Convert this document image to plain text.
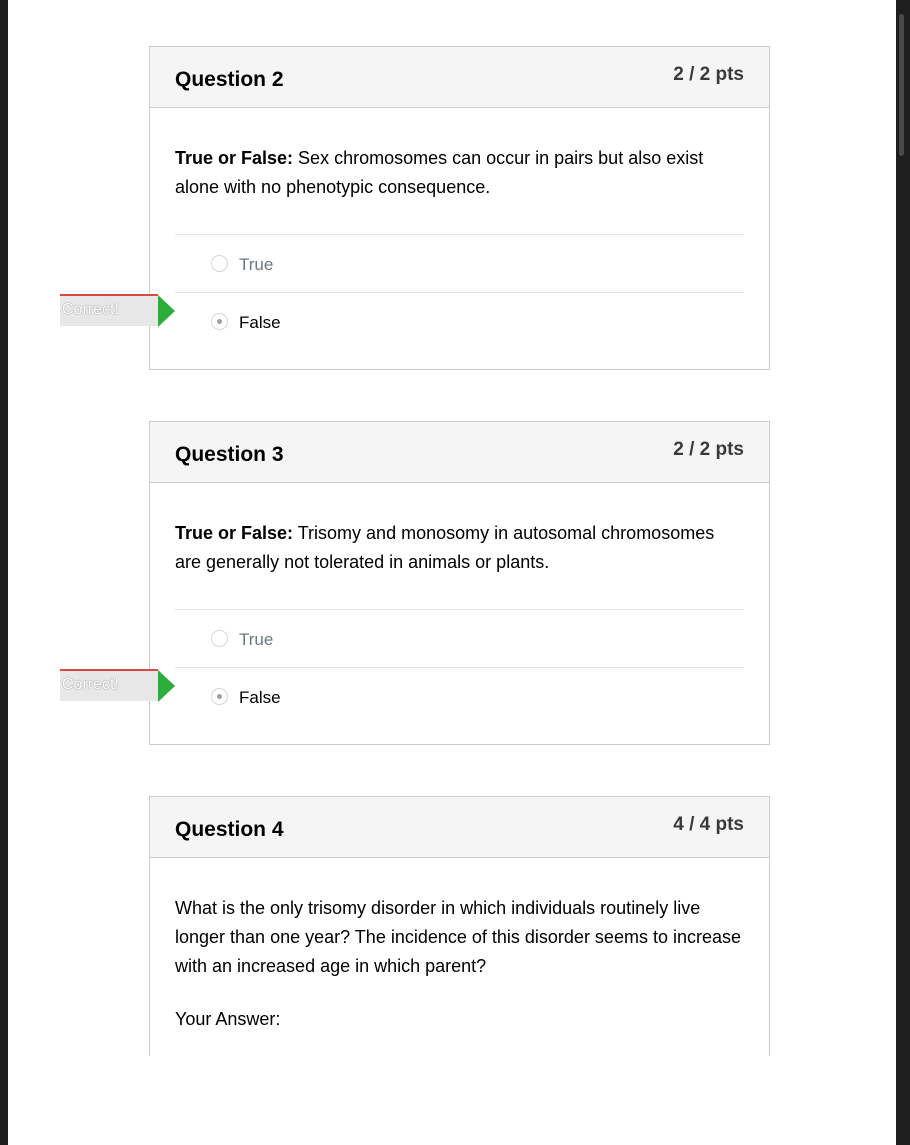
Question 2	2 / 2 pts
True or False: Sex chromosomes can occur in pairs but also exist alone with no phenotypic consequence.
True
False
Correct!
Question 3	2 / 2 pts
True or False: Trisomy and monosomy in autosomal chromosomes are generally not tolerated in animals or plants.
True
False
Correct!
Question 4	4 / 4 pts
What is the only trisomy disorder in which individuals routinely live longer than one year? The incidence of this disorder seems to increase with an increased age in which parent?
Your Answer:
